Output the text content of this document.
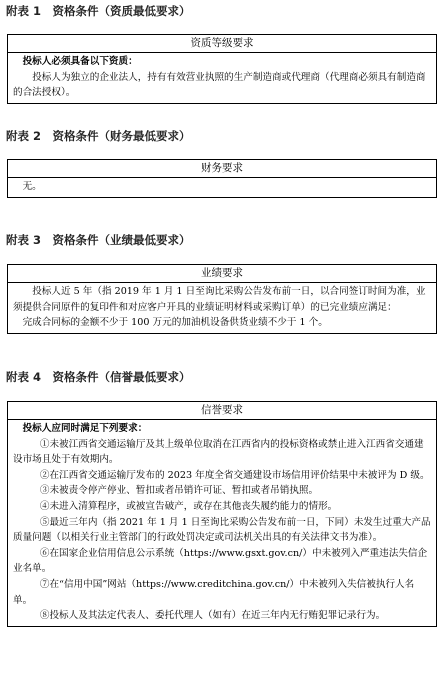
附表 1　资格条件（资质最低要求）
资质等级要求

投标人必须具备以下资质：

投标人为独立的企业法人，持有有效营业执照的生产制造商或代理商（代理商必须具有制造商的合法授权）。

附表 2　资格条件（财务最低要求）
财务要求

无。

附表 3　资格条件（业绩最低要求）
业绩要求

投标人近 5 年（指 2019 年 1 月 1 日至询比采购公告发布前一日，以合同签订时间为准，业须提供合同原件的复印件和对应客户开具的业绩证明材料或采购订单）的已完业绩应满足：

完成合同标的金额不少于 100 万元的加油机设备供货业绩不少于 1 个。

附表 4　资格条件（信誉最低要求）
信誉要求

投标人应同时满足下列要求：

①未被江西省交通运输厅及其上级单位取消在江西省内的投标资格或禁止进入江西省交通建设市场且处于有效期内。

②在江西省交通运输厅发布的 2023 年度全省交通建设市场信用评价结果中未被评为 D 级。

③未被责令停产停业、暂扣或者吊销许可证、暂扣或者吊销执照。

④未进入清算程序，或被宣告破产，或存在其他丧失履约能力的情形。

⑤最近三年内（指 2021 年 1 月 1 日至询比采购公告发布前一日，下同）未发生过重大产品质量问题（以相关行业主管部门的行政处罚决定或司法机关出具的有关法律文书为准）。

⑥在国家企业信用信息公示系统（https://www.gsxt.gov.cn/）中未被列入严重违法失信企业名单。

⑦在“信用中国”网站（https://www.creditchina.gov.cn/）中未被列入失信被执行人名单。

⑧投标人及其法定代表人、委托代理人（如有）在近三年内无行贿犯罪记录行为。
